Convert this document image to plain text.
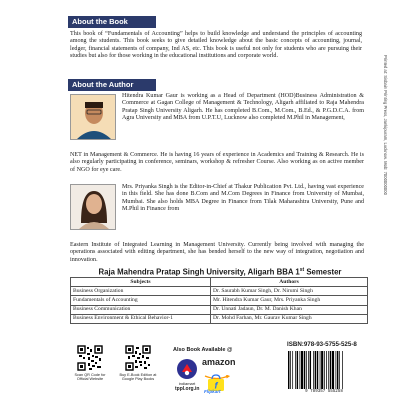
About the Book
This book of “Fundamentals of Accounting” helps to build knowledge and understand the principles of accounting among the students. This book seeks to give detailed knowledge about the basic concepts of accounting, journal, ledger, financial statements of company, Ind AS, etc. This book is useful not only for students who are pursuing their studies but also for those working in the educational institutions and corporate world.
About the Author
Hitendra Kumar Gaur is working as a Head of Department (HOD)Business Administration & Commerce at Gagan College of Management & Technology, Aligarh affiliated to Raja Mahendra Pratap Singh University Aligarh. He has completed B.Com., M.Com., B.Ed., & P.G.D.C.A. from Agra University and MBA from U.P.T.U, Lucknow also completed M.Phil in Management,
NET in Management & Commerce. He is having 16 years of experience in Academics and Training & Research. He is also regularly participating in conference, seminars, workshop & refresher Course. Also working as on active member of NGO for eye care.
Mrs. Priyanka Singh is the Editor-in-Chief at Thakur Publication Pvt. Ltd., having vast experience in this field. She has done B.Com and M.Com Degrees in Finance from University of Mumbai, Mumbai. She also holds MBA Degree in Finance from Tilak Maharashtra University, Pune and M.Phil in Finance from
Eastern Institute of Integrated Learning in Management University. Currently being involved with managing the operations associated with editing department, she has bended herself to the new way of integration, negotiation and innovation.
Printed at: Sisbain Printing Press, Jankipuram, Lucknow. Mob: 7000000000
Raja Mahendra Pratap Singh University, Aligarh BBA 1st Semester
Subjects	Authors
Business Organization	Dr. Saurabh Kumar Singh, Dr. Nirumi Singh
Fundamentals of Accounting	Mr. Hitendra Kumar Gaur, Mrs. Priyanka Singh
Business Communication	Dr. Unnati Jadaun, Dr. M. Danish Khan
Business Environment & Ethical Behavior-1	Dr. Mohd Farhan, Mr. Gaurav Kumar Singh
Scan QR Code for Official Website
Buy E-Book Edition at Google Play Books
Also Book Available @
indiamart
tppl.org.in
amazon
f
Flipkart
ISBN:978-93-5755-525-8
9 789357 555258
